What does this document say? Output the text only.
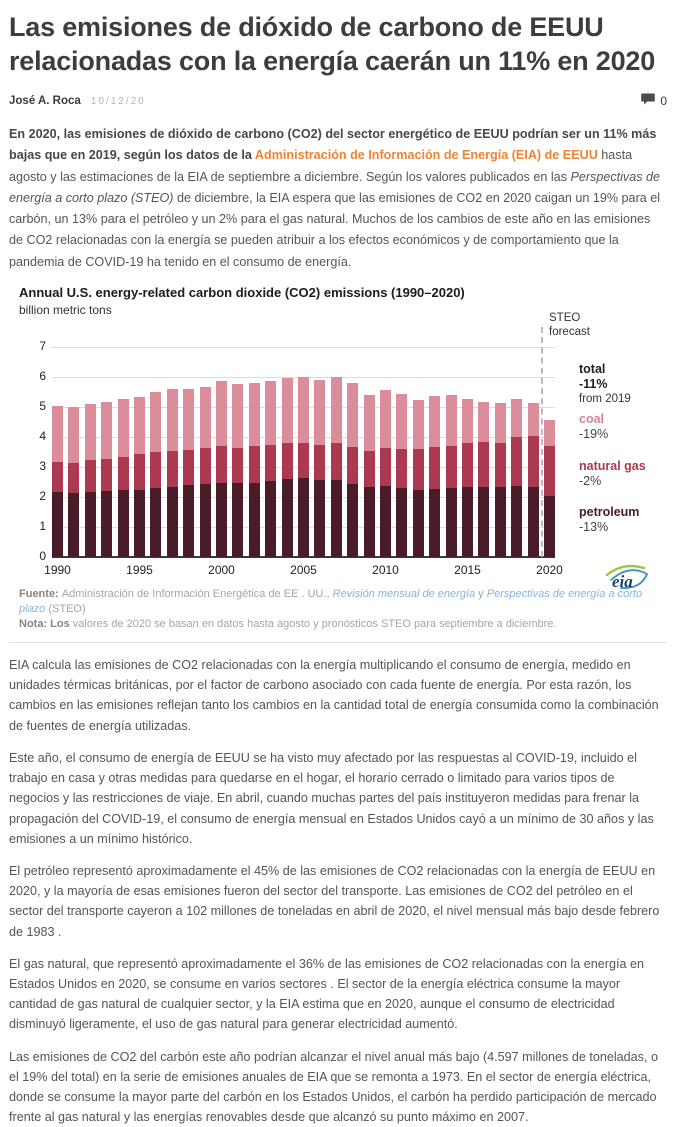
Las emisiones de dióxido de carbono de EEUU relacionadas con la energía caerán un 11% en 2020
José A. Roca 10/12/20	0

En 2020, las emisiones de dióxido de carbono (CO2) del sector energético de EEUU podrían ser un 11% más bajas que en 2019, según los datos de la Administración de Información de Energía (EIA) de EEUU hasta agosto y las estimaciones de la EIA de septiembre a diciembre. Según los valores publicados en las Perspectivas de energía a corto plazo (STEO) de diciembre, la EIA espera que las emisiones de CO2 en 2020 caigan un 19% para el carbón, un 13% para el petróleo y un 2% para el gas natural. Muchos de los cambios de este año en las emisiones de CO2 relacionadas con la energía se pueden atribuir a los efectos económicos y de comportamiento que la pandemia de COVID-19 ha tenido en el consumo de energía.

Annual U.S. energy-related carbon dioxide (CO2) emissions (1990–2020)
billion metric tons
STEO
forecast
total
-11%
from 2019
coal
-19%
natural gas
-2%
petroleum
-13%
eia
0
1
2
3
4
5
6
7
1990	1995	2000	2005	2010	2015	2020
Fuente: Administración de Información Energética de EE . UU., Revisión mensual de energía y Perspectivas de energía a corto plazo (STEO)
Nota: Los valores de 2020 se basan en datos hasta agosto y pronósticos STEO para septiembre a diciembre.

EIA calcula las emisiones de CO2 relacionadas con la energía multiplicando el consumo de energía, medido en unidades térmicas británicas, por el factor de carbono asociado con cada fuente de energía. Por esta razón, los cambios en las emisiones reflejan tanto los cambios en la cantidad total de energía consumida como la combinación de fuentes de energía utilizadas.

Este año, el consumo de energía de EEUU se ha visto muy afectado por las respuestas al COVID-19, incluido el trabajo en casa y otras medidas para quedarse en el hogar, el horario cerrado o limitado para varios tipos de negocios y las restricciones de viaje. En abril, cuando muchas partes del país instituyeron medidas para frenar la propagación del COVID-19, el consumo de energía mensual en Estados Unidos cayó a un mínimo de 30 años y las emisiones a un mínimo histórico.

El petróleo representó aproximadamente el 45% de las emisiones de CO2 relacionadas con la energía de EEUU en 2020, y la mayoría de esas emisiones fueron del sector del transporte. Las emisiones de CO2 del petróleo en el sector del transporte cayeron a 102 millones de toneladas en abril de 2020, el nivel mensual más bajo desde febrero de 1983 .

El gas natural, que representó aproximadamente el 36% de las emisiones de CO2 relacionadas con la energía en Estados Unidos en 2020, se consume en varios sectores . El sector de la energía eléctrica consume la mayor cantidad de gas natural de cualquier sector, y la EIA estima que en 2020, aunque el consumo de electricidad disminuyó ligeramente, el uso de gas natural para generar electricidad aumentó.

Las emisiones de CO2 del carbón este año podrían alcanzar el nivel anual más bajo (4.597 millones de toneladas, o el 19% del total) en la serie de emisiones anuales de EIA que se remonta a 1973. En el sector de energía eléctrica, donde se consume la mayor parte del carbón en los Estados Unidos, el carbón ha perdido participación de mercado frente al gas natural y las energías renovables desde que alcanzó su punto máximo en 2007.
